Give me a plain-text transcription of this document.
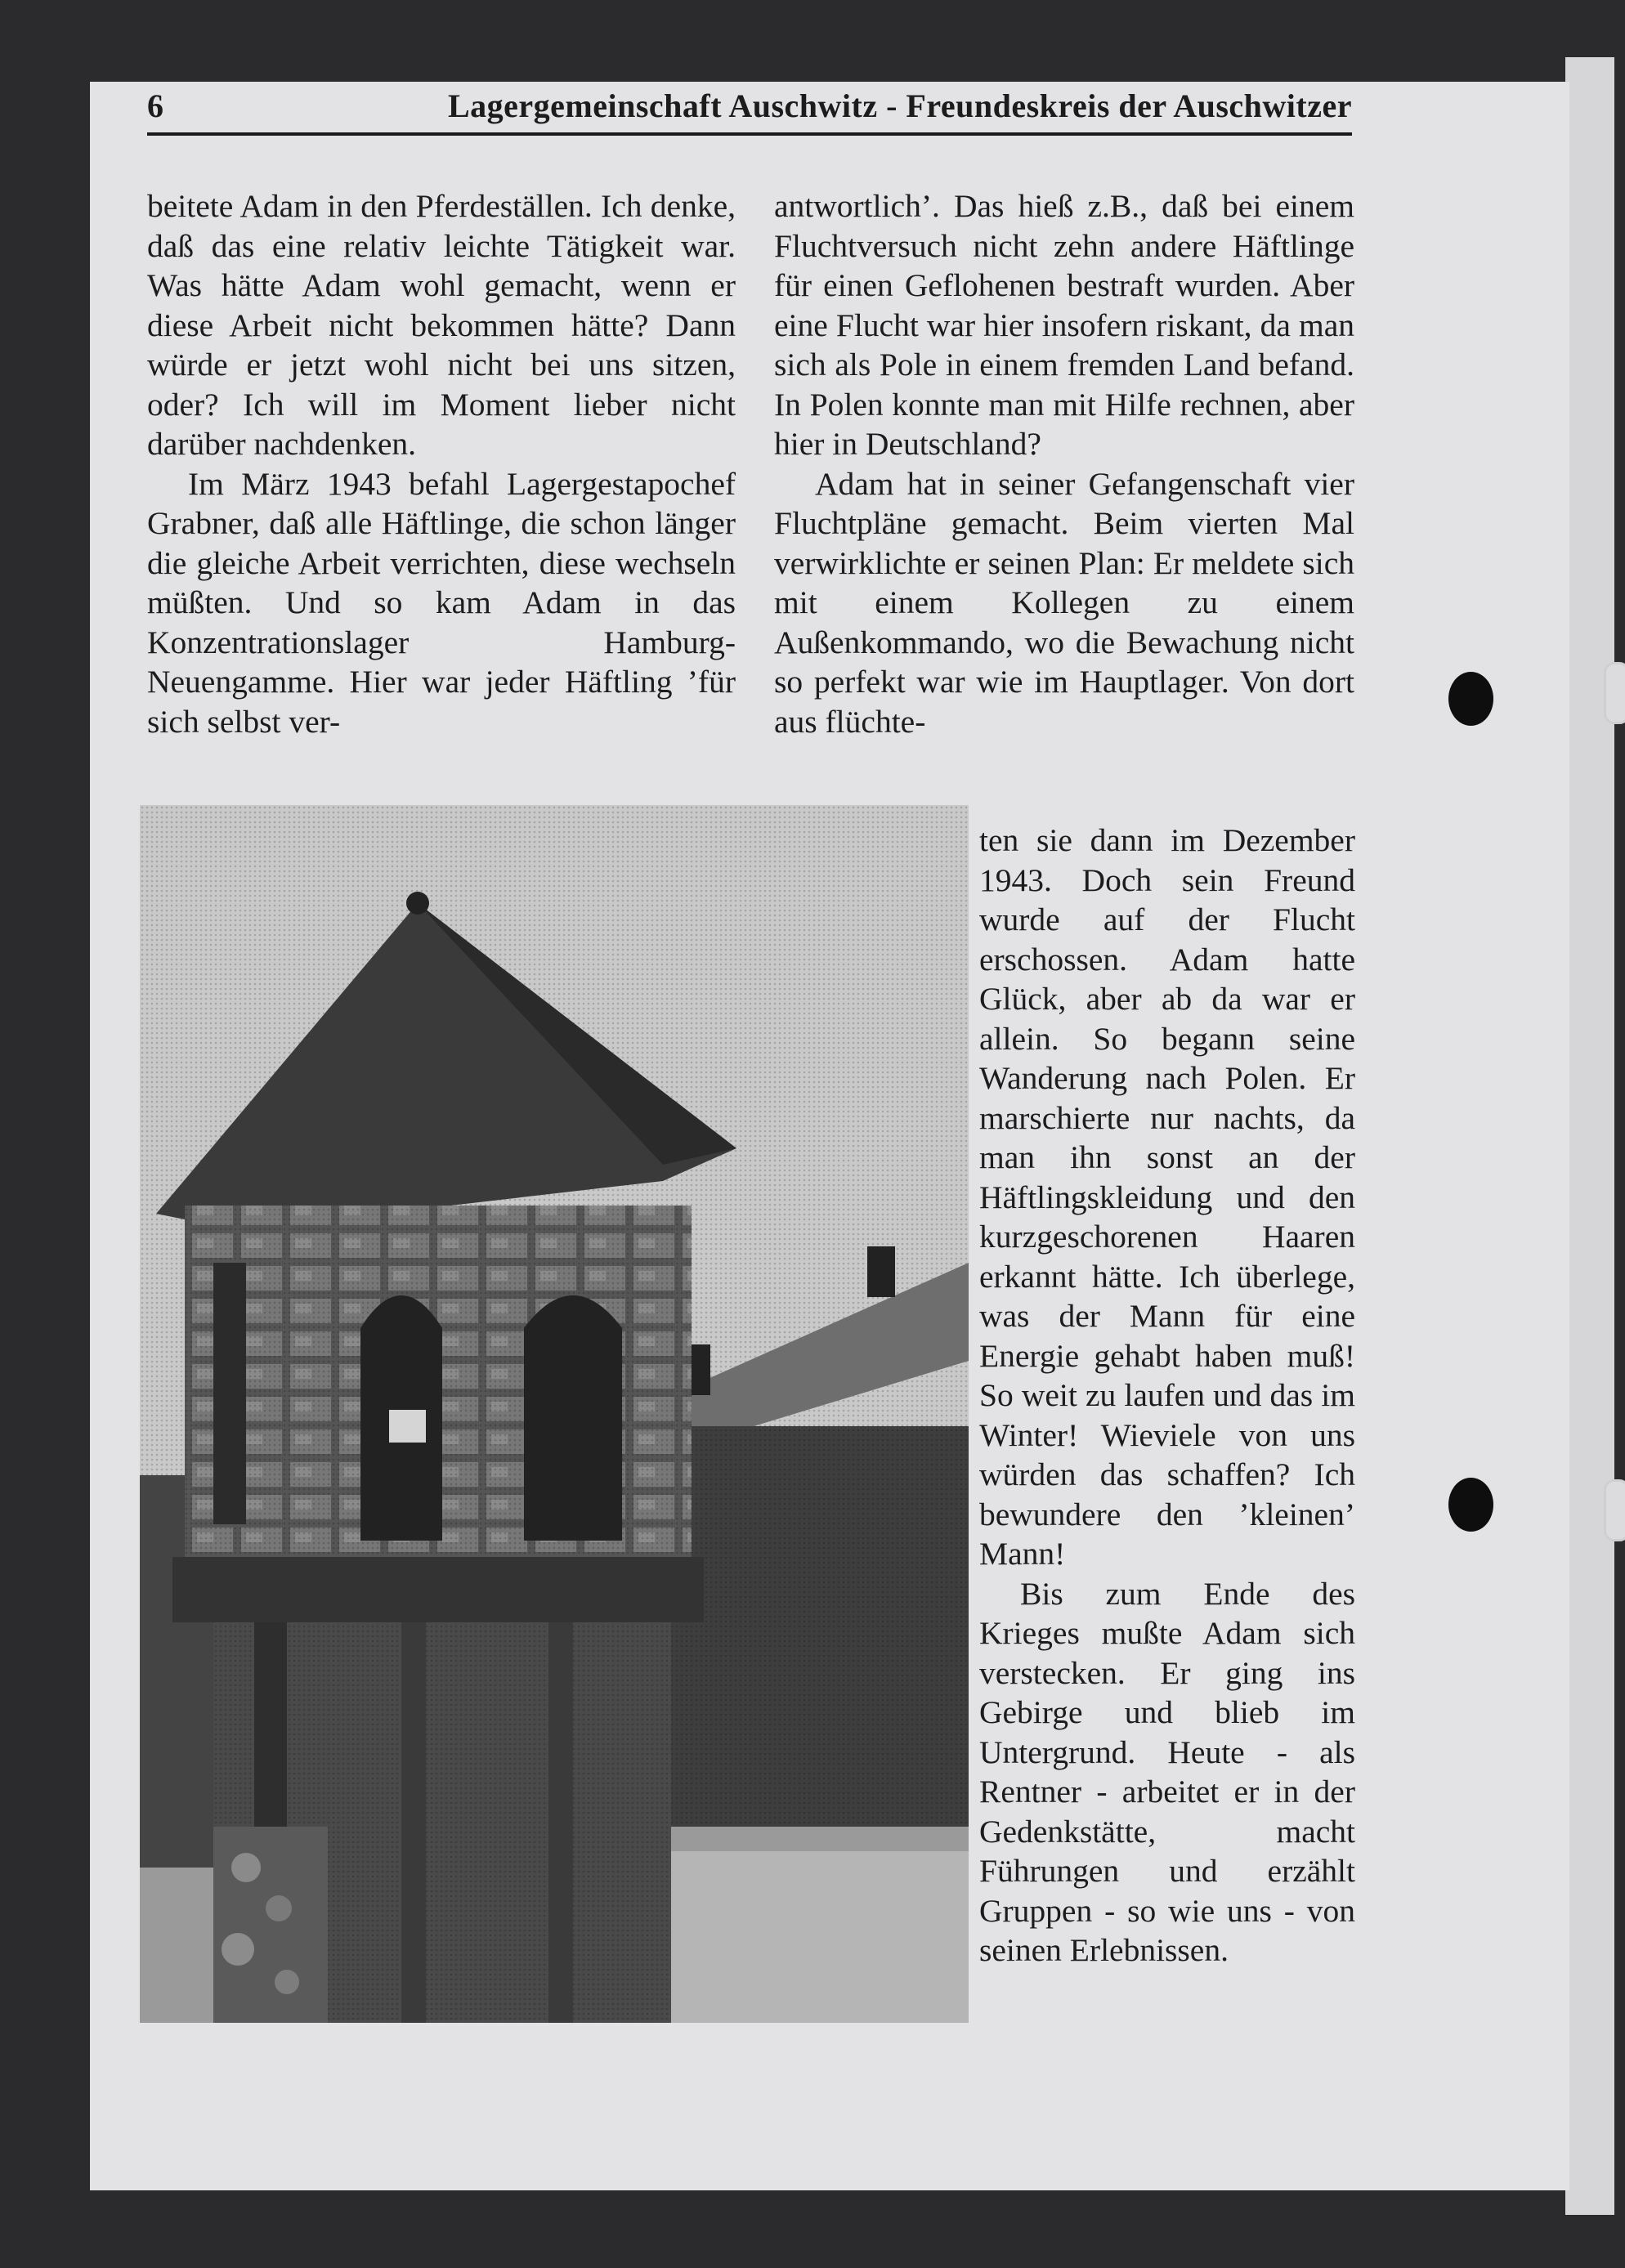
6	Lagergemeinschaft Auschwitz - Freundeskreis der Auschwitzer

beitete Adam in den Pferdeställen. Ich denke, daß das eine relativ leichte Tätigkeit war. Was hätte Adam wohl gemacht, wenn er diese Arbeit nicht bekommen hätte? Dann würde er jetzt wohl nicht bei uns sitzen, oder? Ich will im Moment lieber nicht darüber nachdenken.

Im März 1943 befahl Lagergestapochef Grabner, daß alle Häftlinge, die schon länger die gleiche Arbeit verrichten, diese wechseln müßten. Und so kam Adam in das Konzentrationslager Hamburg-Neuengamme. Hier war jeder Häftling ’für sich selbst ver-

antwortlich’. Das hieß z.B., daß bei einem Fluchtversuch nicht zehn andere Häftlinge für einen Geflohenen bestraft wurden. Aber eine Flucht war hier insofern riskant, da man sich als Pole in einem fremden Land befand. In Polen konnte man mit Hilfe rechnen, aber hier in Deutschland?

Adam hat in seiner Gefangenschaft vier Fluchtpläne gemacht. Beim vierten Mal verwirklichte er seinen Plan: Er meldete sich mit einem Kollegen zu einem Außenkommando, wo die Bewachung nicht so perfekt war wie im Hauptlager. Von dort aus flüchte-

ten sie dann im Dezember 1943. Doch sein Freund wurde auf der Flucht erschossen. Adam hatte Glück, aber ab da war er allein. So begann seine Wanderung nach Polen. Er marschierte nur nachts, da man ihn sonst an der Häftlingskleidung und den kurzgeschorenen Haaren erkannt hätte. Ich überlege, was der Mann für eine Energie gehabt haben muß! So weit zu laufen und das im Winter! Wieviele von uns würden das schaffen? Ich bewundere den ’kleinen’ Mann!

Bis zum Ende des Krieges mußte Adam sich verstecken. Er ging ins Gebirge und blieb im Untergrund. Heute - als Rentner - arbeitet er in der Gedenkstätte, macht Führungen und erzählt Gruppen - so wie uns - von seinen Erlebnissen.
